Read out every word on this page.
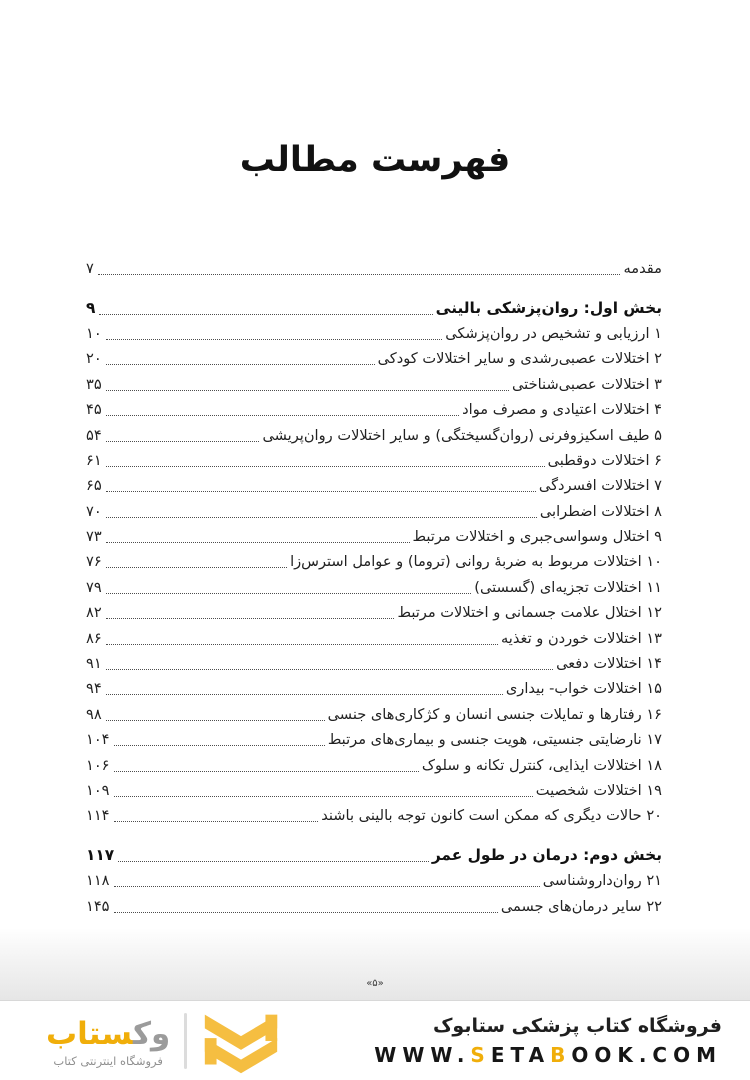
فهرست مطالب
مقدمه
۷
بخش اول: روان‌پزشکی بالینی
۹
۱ ارزیابی و تشخیص در روان‌پزشکی
۱۰
۲ اختلالات عصبی‌رشدی و سایر اختلالات کودکی
۲۰
۳ اختلالات عصبی‌شناختی
۳۵
۴ اختلالات اعتیادی و مصرف مواد
۴۵
۵ طیف اسکیزوفرنی (روان‌گسیختگی) و سایر اختلالات روان‌پریشی
۵۴
۶ اختلالات دوقطبی
۶۱
۷ اختلالات افسردگی
۶۵
۸ اختلالات اضطرابی
۷۰
۹ اختلال وسواسی‌جبری و اختلالات مرتبط
۷۳
۱۰ اختلالات مربوط به ضربهٔ روانی (تروما) و عوامل استرس‌زا
۷۶
۱۱ اختلالات تجزیه‌ای (گسستی)
۷۹
۱۲ اختلال علامت جسمانی و اختلالات مرتبط
۸۲
۱۳ اختلالات خوردن و تغذیه
۸۶
۱۴ اختلالات دفعی
۹۱
۱۵ اختلالات خواب- بیداری
۹۴
۱۶ رفتارها و تمایلات جنسی انسان و کژکاری‌های جنسی
۹۸
۱۷ نارضایتی جنسیتی، هویت جنسی و بیماری‌های مرتبط
۱۰۴
۱۸ اختلالات ایذایی، کنترل تکانه و سلوک
۱۰۶
۱۹ اختلالات شخصیت
۱۰۹
۲۰ حالات دیگری که ممکن است کانون توجه بالینی باشند
۱۱۴
بخش دوم: درمان در طول عمر
۱۱۷
۲۱ روان‌داروشناسی
۱۱۸
۲۲ سایر درمان‌های جسمی
۱۴۵
«۵»
وکستاب
فروشگاه اینترنتی کتاب
فروشگاه کتاب پزشکی ستابوک
WWW.SETABOOK.COM
